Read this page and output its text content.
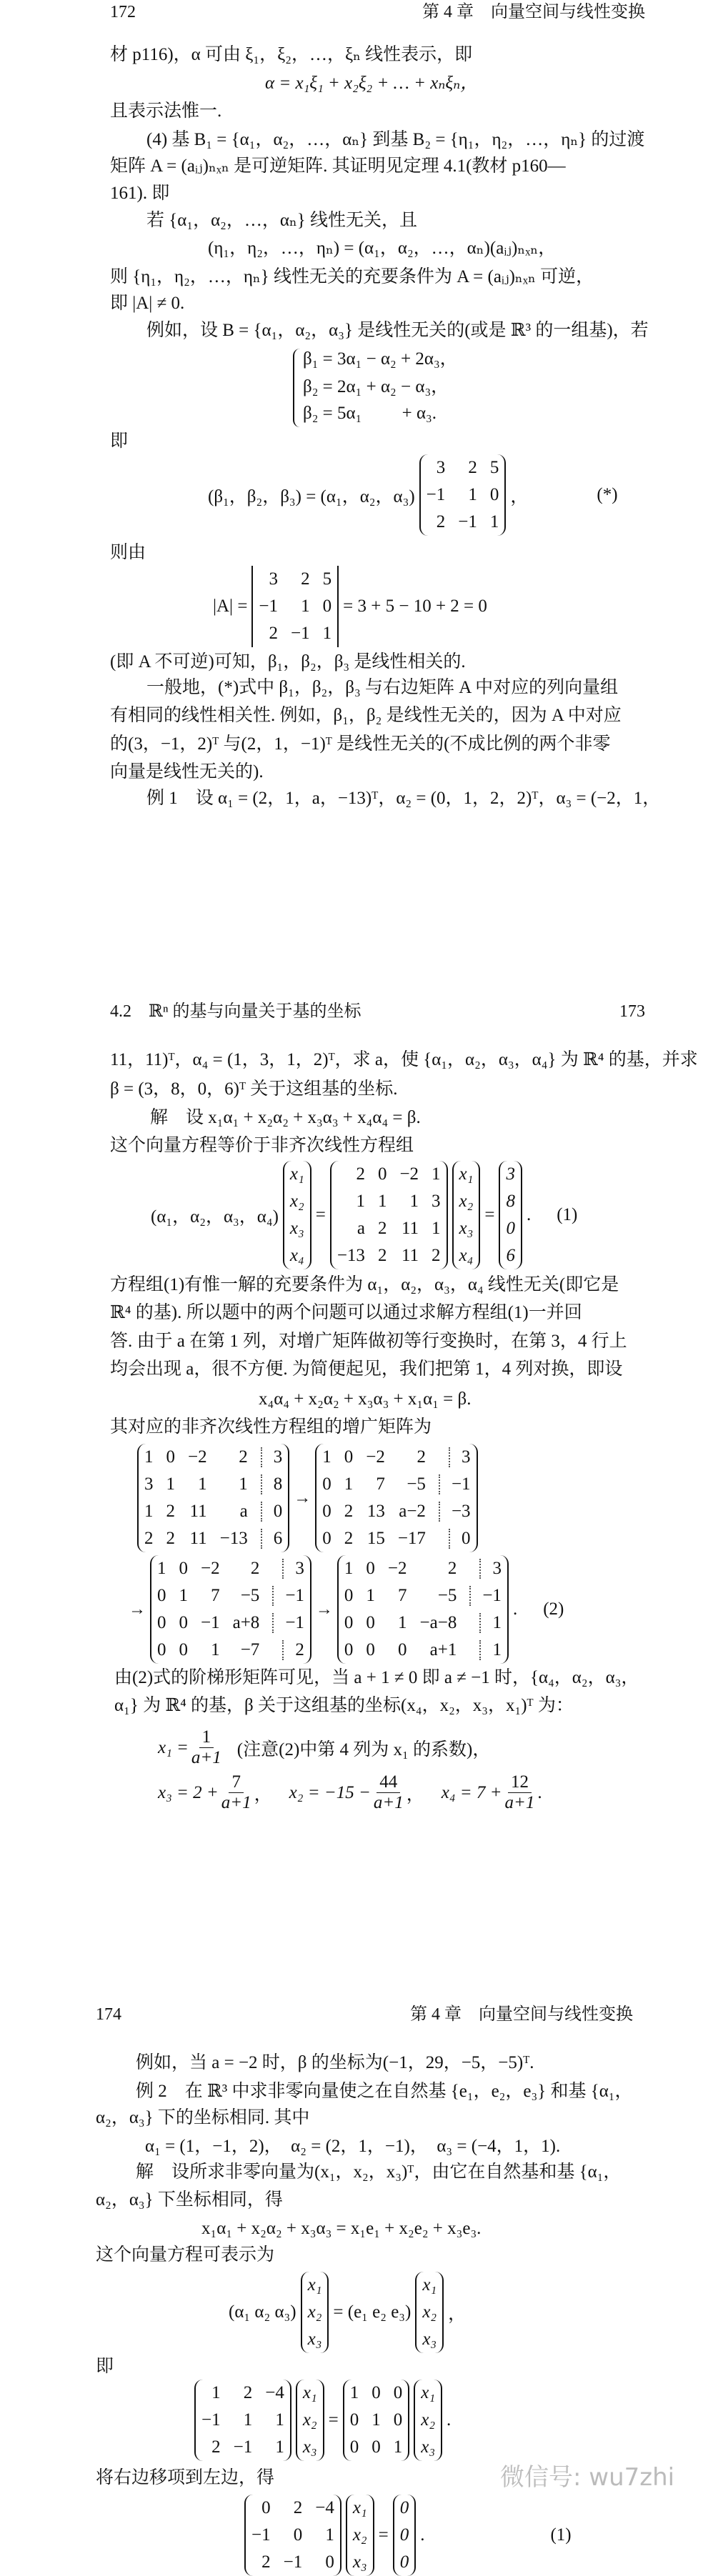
172	第 4 章　向量空间与线性变换
材 p116)，α 可由 ξ₁，ξ₂，…，ξₙ 线性表示，即
α = x₁ξ₁ + x₂ξ₂ + … + xₙξₙ，
且表示法惟一.
(4) 基 B₁ = {α₁，α₂，…，αₙ} 到基 B₂ = {η₁，η₂，…，ηₙ} 的过渡
矩阵 A = (aᵢⱼ)ₙₓₙ 是可逆矩阵. 其证明见定理 4.1(教材 p160—
161). 即
若 {α₁，α₂，…，αₙ} 线性无关，且
(η₁，η₂，…，ηₙ) = (α₁，α₂，…，αₙ)(aᵢⱼ)ₙₓₙ，
则 {η₁，η₂，…，ηₙ} 线性无关的充要条件为 A = (aᵢⱼ)ₙₓₙ 可逆，
即 |A| ≠ 0.
例如，设 B = {α₁，α₂，α₃} 是线性无关的(或是 ℝ³ 的一组基)，若
β₁ = 3α₁ − α₂ + 2α₃，
β₂ = 2α₁ + α₂ − α₃，
β₂ = 5α₁　　 + α₃.
即
(β₁，β₂，β₃) = (α₁，α₂，α₃)
3 2 5
−1 1 0
2 −1 1
，	(*)
则由
|A| =
3 2 5
−1 1 0
2 −1 1
= 3 + 5 − 10 + 2 = 0
(即 A 不可逆)可知，β₁，β₂，β₃ 是线性相关的.
一般地，(*)式中 β₁，β₂，β₃ 与右边矩阵 A 中对应的列向量组
有相同的线性相关性. 例如，β₁，β₂ 是线性无关的，因为 A 中对应
的(3，−1，2)ᵀ 与(2，1，−1)ᵀ 是线性无关的(不成比例的两个非零
向量是线性无关的).
例 1　设 α₁ = (2，1，a，−13)ᵀ，α₂ = (0，1，2，2)ᵀ，α₃ = (−2，1，
4.2　ℝⁿ 的基与向量关于基的坐标	173
11，11)ᵀ，α₄ = (1，3，1，2)ᵀ，求 a，使 {α₁，α₂，α₃，α₄} 为 ℝ⁴ 的基，并求
β = (3，8，0，6)ᵀ 关于这组基的坐标.
解　设 x₁α₁ + x₂α₂ + x₃α₃ + x₄α₄ = β.
这个向量方程等价于非齐次线性方程组
(α₁，α₂，α₃，α₄)
x₁
x₂
x₃
x₄
=
2 0 −2 1
1 1 1 3
a 2 11 1
−13 2 11 2
x₁
x₂
x₃
x₄
=
3
8
0
6
. (1)
方程组(1)有惟一解的充要条件为 α₁，α₂，α₃，α₄ 线性无关(即它是
ℝ⁴ 的基). 所以题中的两个问题可以通过求解方程组(1)一并回
答. 由于 a 在第 1 列，对增广矩阵做初等行变换时，在第 3，4 行上
均会出现 a，很不方便. 为简便起见，我们把第 1，4 列对换，即设
x₄α₄ + x₂α₂ + x₃α₃ + x₁α₁ = β.
其对应的非齐次线性方程组的增广矩阵为
1 0 −2 2	3
3 1 1 1	8
1 2 11 a	0
2 2 11 −13	6
→
1 0 −2 2	3
0 1 7 −5	−1
0 2 13 a−2	−3
0 2 15 −17	0
→
1 0 −2 2	3
0 1 7 −5	−1
0 0 −1 a+8	−1
0 0 1 −7	2
→
1 0 −2 2	3
0 1 7 −5	−1
0 0 1 −a−8	1
0 0 0 a+1	1
. (2)
由(2)式的阶梯形矩阵可见，当 a + 1 ≠ 0 即 a ≠ −1 时，{α₄，α₂，α₃，
α₁} 为 ℝ⁴ 的基，β 关于这组基的坐标(x₄，x₂，x₃，x₁)ᵀ 为：
$x_1 = \frac{1}{a+1}$ (注意(2)中第 4 列为 x₁ 的系数)，
$x_3 = 2 + \frac{7}{a+1}$ ， $x_2 = -15 - \frac{44}{a+1}$ ， $x_4 = 7 + \frac{12}{a+1}$ .
174	第 4 章　向量空间与线性变换
例如，当 a = −2 时，β 的坐标为(−1，29，−5，−5)ᵀ.
例 2　在 ℝ³ 中求非零向量使之在自然基 {e₁，e₂，e₃} 和基 {α₁，
α₂，α₃} 下的坐标相同. 其中
α₁ = (1，−1，2)，　α₂ = (2，1，−1)，　α₃ = (−4，1，1).
解　设所求非零向量为(x₁，x₂，x₃)ᵀ，由它在自然基和基 {α₁，
α₂，α₃} 下坐标相同，得
x₁α₁ + x₂α₂ + x₃α₃ = x₁e₁ + x₂e₂ + x₃e₃.
这个向量方程可表示为
(α₁ α₂ α₃)
x₁
x₂
x₃
= (e₁ e₂ e₃)
x₁
x₂
x₃
，
即
1 2 −4
−1 1 1
2 −1 1
x₁
x₂
x₃
=
1 0 0
0 1 0
0 0 1
x₁
x₂
x₃
.
将右边移项到左边，得	微信号: wu7zhi
0 2 −4
−1 0 1
2 −1 0
x₁
x₂
x₃
=
0
0
0
.	(1)
